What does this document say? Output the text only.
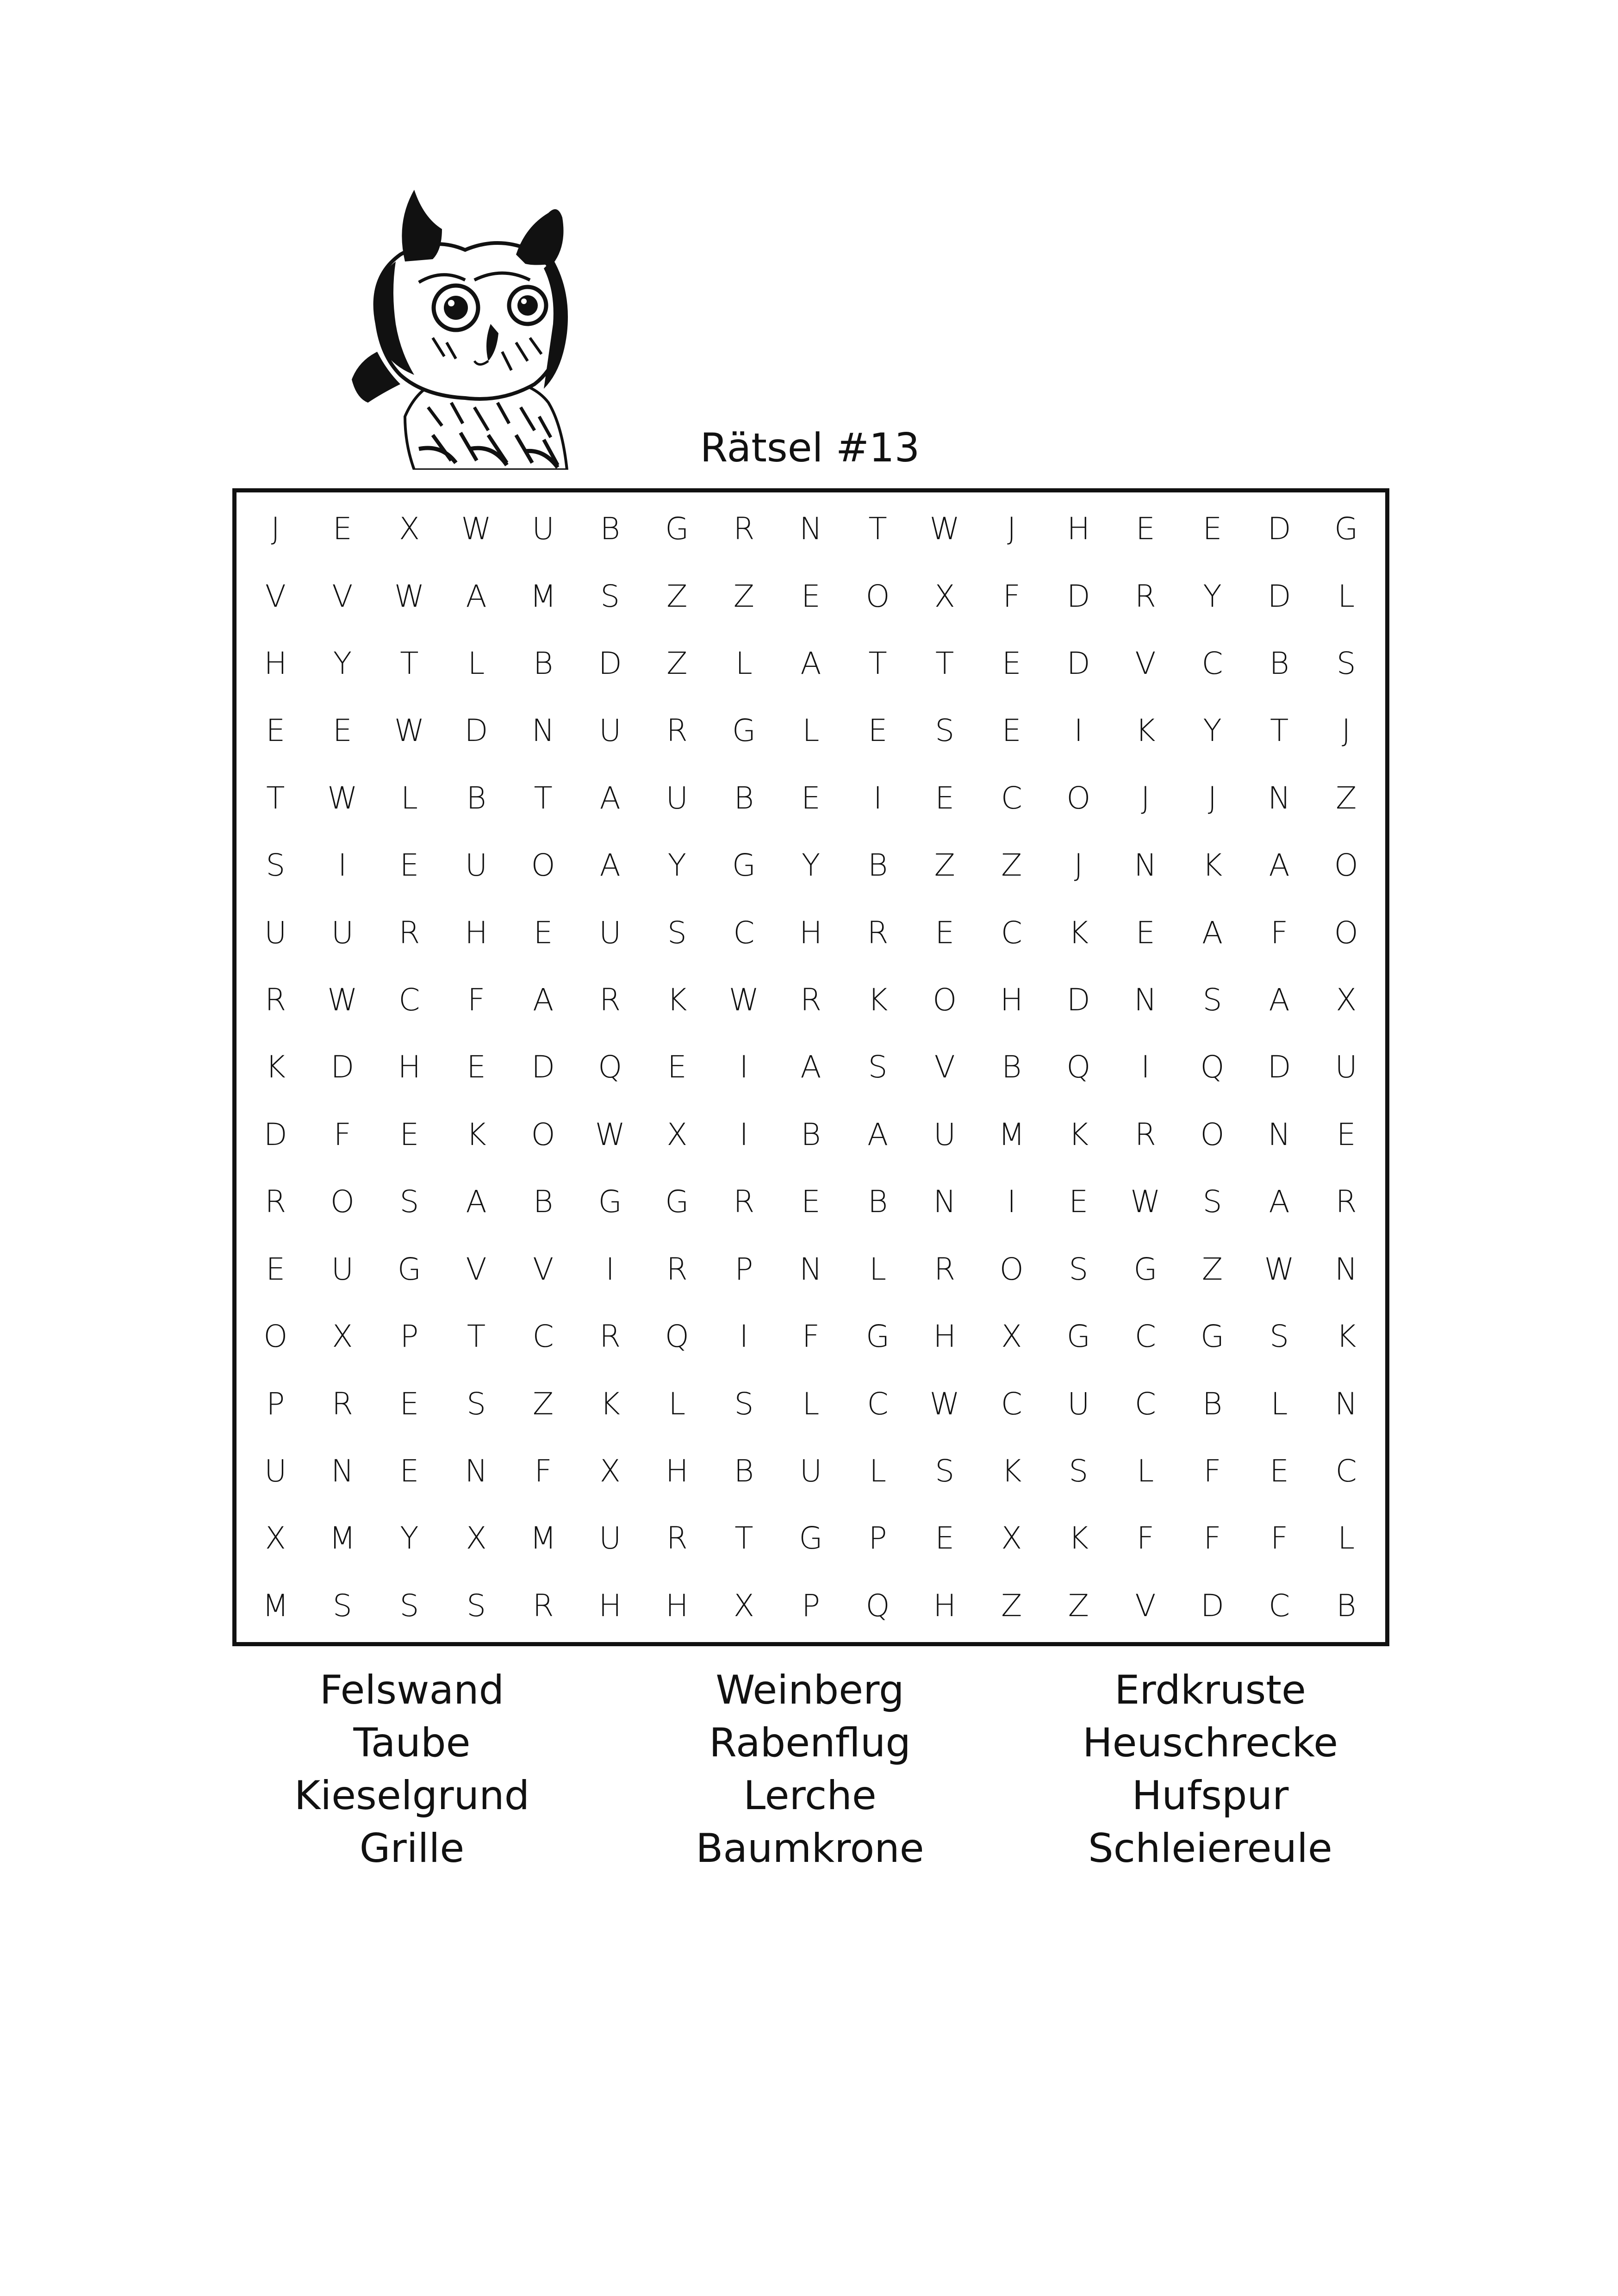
Rätsel #13
J	E	X	W	U	B	G	R	N	T	W	J	H	E	E	D	G
V	V	W	A	M	S	Z	Z	E	O	X	F	D	R	Y	D	L
H	Y	T	L	B	D	Z	L	A	T	T	E	D	V	C	B	S
E	E	W	D	N	U	R	G	L	E	S	E	I	K	Y	T	J
T	W	L	B	T	A	U	B	E	I	E	C	O	J	J	N	Z
S	I	E	U	O	A	Y	G	Y	B	Z	Z	J	N	K	A	O
U	U	R	H	E	U	S	C	H	R	E	C	K	E	A	F	O
R	W	C	F	A	R	K	W	R	K	O	H	D	N	S	A	X
K	D	H	E	D	Q	E	I	A	S	V	B	Q	I	Q	D	U
D	F	E	K	O	W	X	I	B	A	U	M	K	R	O	N	E
R	O	S	A	B	G	G	R	E	B	N	I	E	W	S	A	R
E	U	G	V	V	I	R	P	N	L	R	O	S	G	Z	W	N
O	X	P	T	C	R	Q	I	F	G	H	X	G	C	G	S	K
P	R	E	S	Z	K	L	S	L	C	W	C	U	C	B	L	N
U	N	E	N	F	X	H	B	U	L	S	K	S	L	F	E	C
X	M	Y	X	M	U	R	T	G	P	E	X	K	F	F	F	L
M	S	S	S	R	H	H	X	P	Q	H	Z	Z	V	D	C	B
Felswand
Taube
Kieselgrund
Grille
Weinberg
Rabenflug
Lerche
Baumkrone
Erdkruste
Heuschrecke
Hufspur
Schleiereule
